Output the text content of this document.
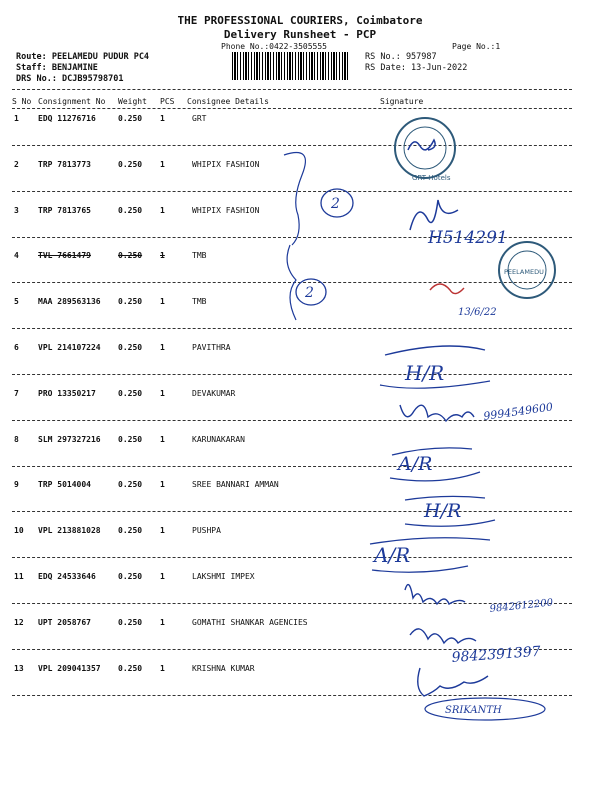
THE PROFESSIONAL COURIERS, Coimbatore
Delivery Runsheet - PCP
Phone No.:0422-3505555	Page No.:1
Route: PEELAMEDU PUDUR PC4
Staff: BENJAMINE
DRS No.: DCJB95798701
RS No.: 957987
RS Date: 13-Jun-2022
S No Consignment No Weight PCS Consignee Details	Signature
1 EDQ 11276716	0.250 1	GRT
2 TRP 7813773	0.250 1	WHIPIX FASHION
3 TRP 7813765	0.250 1	WHIPIX FASHION
4 TVL 7661479	0.250 1	TMB
5 MAA 289563136 0.250 1	TMB
6 VPL 214107224 0.250 1	PAVITHRA
7 PRO 13350217	0.250 1	DEVAKUMAR
8 SLM 297327216 0.250 1	KARUNAKARAN
9 TRP 5014004	0.250 1	SREE BANNARI AMMAN
10 VPL 213881028 0.250 1	PUSHPA
11 EDQ 24533646	0.250 1	LAKSHMI IMPEX
12 UPT 2058767	0.250 1	GOMATHI SHANKAR AGENCIES
13 VPL 209041357 0.250 1	KRISHNA KUMAR
GRT Hotels
PEELAMEDU
2
2
H514291
13/6/22
H/R
9994549600
A/R
H/R
A/R
9842612200
9842391397
SRIKANTH
